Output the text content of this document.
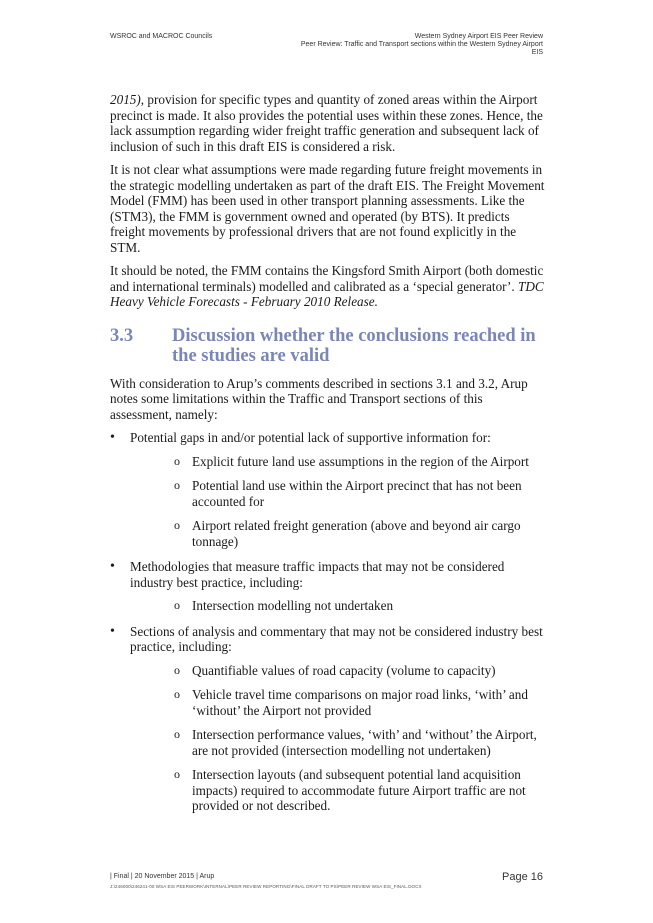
WSROC and MACROC Councils	Western Sydney Airport EIS Peer Review
Peer Review: Traffic and Transport sections within the Western Sydney Airport
EIS

2015), provision for specific types and quantity of zoned areas within the Airport precinct is made. It also provides the potential uses within these zones. Hence, the lack assumption regarding wider freight traffic generation and subsequent lack of inclusion of such in this draft EIS is considered a risk.

It is not clear what assumptions were made regarding future freight movements in the strategic modelling undertaken as part of the draft EIS. The Freight Movement Model (FMM) has been used in other transport planning assessments. Like the (STM3), the FMM is government owned and operated (by BTS). It predicts freight movements by professional drivers that are not found explicitly in the STM.

It should be noted, the FMM contains the Kingsford Smith Airport (both domestic and international terminals) modelled and calibrated as a ‘special generator’. TDC Heavy Vehicle Forecasts - February 2010 Release.

3.3	Discussion whether the conclusions reached in the studies are valid

With consideration to Arup’s comments described in sections 3.1 and 3.2, Arup notes some limitations within the Traffic and Transport sections of this assessment, namely:

• Potential gaps in and/or potential lack of supportive information for:
o Explicit future land use assumptions in the region of the Airport
o Potential land use within the Airport precinct that has not been accounted for
o Airport related freight generation (above and beyond air cargo tonnage)
• Methodologies that measure traffic impacts that may not be considered industry best practice, including:
o Intersection modelling not undertaken
• Sections of analysis and commentary that may not be considered industry best practice, including:
o Quantifiable values of road capacity (volume to capacity)
o Vehicle travel time comparisons on major road links, ‘with’ and ‘without’ the Airport not provided
o Intersection performance values, ‘with’ and ‘without’ the Airport, are not provided (intersection modelling not undertaken)
o Intersection layouts (and subsequent potential land acquisition impacts) required to accommodate future Airport traffic are not provided or not described.
| Final | 20 November 2015 | Arup
J:\246000\246241-00 WSA EIS PEERWORK\INTERNAL\PEER REVIEW REPORTING\FINAL DRAFT TO PS\PEER REVIEW WSA EIS_FINAL.DOCX
Page 16
